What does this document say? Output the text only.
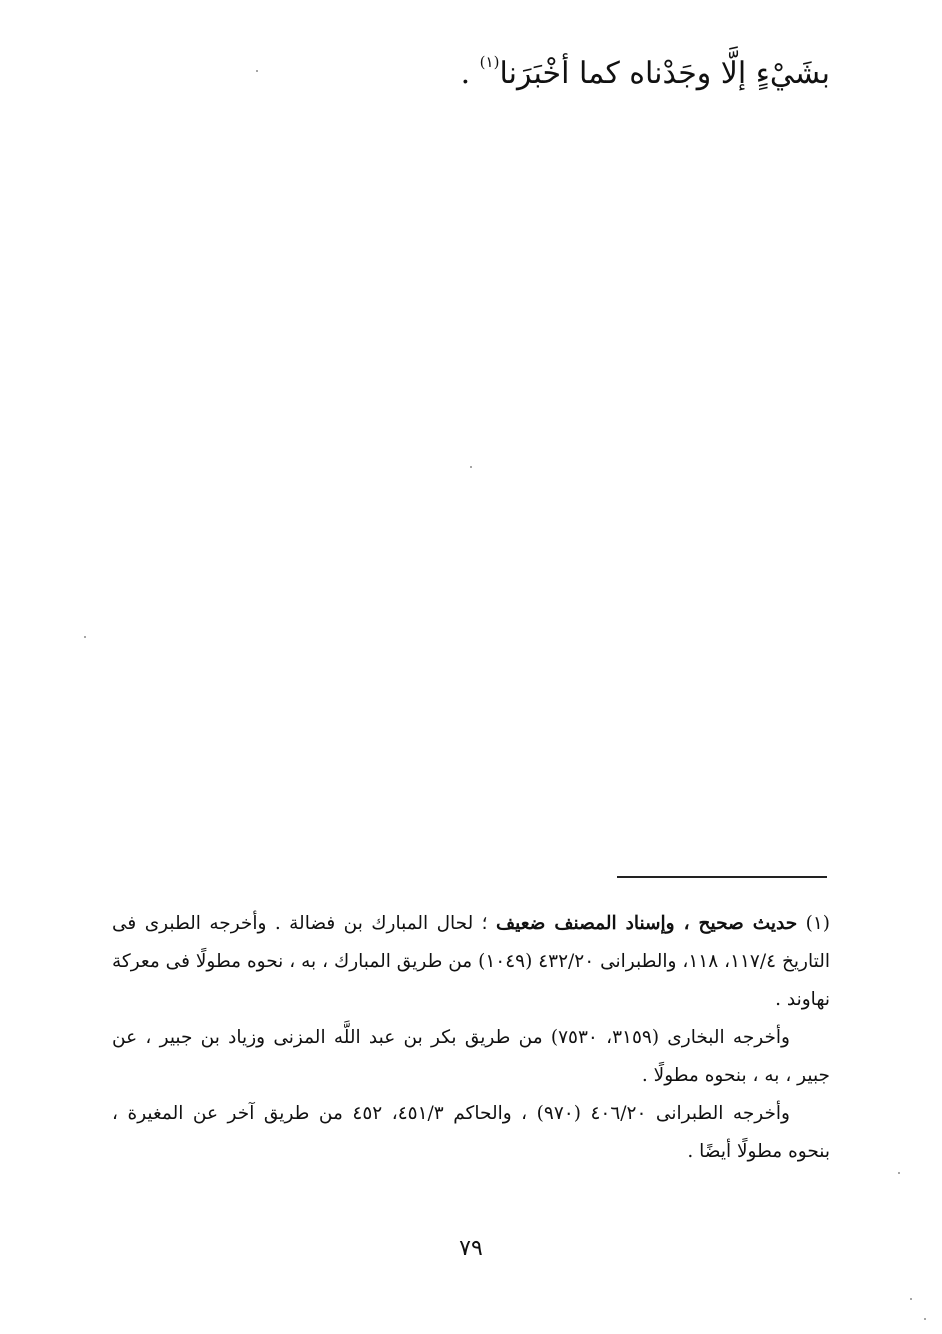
بشَيْءٍ إلَّا وجَدْناه كما أخْبَرَنا$^{(١)}$ .

(١) حديث صحيح ، وإسناد المصنف ضعيف ؛ لحال المبارك بن فضالة . وأخرجه الطبرى فى التاريخ ١١٧/٤، ١١٨، والطبرانى ٤٣٢/٢٠ (١٠٤٩) من طريق المبارك ، به ، نحوه مطولًا فى معركة نهاوند .

وأخرجه البخارى (٣١٥٩، ٧٥٣٠) من طريق بكر بن عبد اللَّه المزنى وزياد بن جبير ، عن جبير ، به ، بنحوه مطولًا .

وأخرجه الطبرانى ٤٠٦/٢٠ (٩٧٠) ، والحاكم ٤٥١/٣، ٤٥٢ من طريق آخر عن المغيرة ، بنحوه مطولًا أيضًا .

٧٩
